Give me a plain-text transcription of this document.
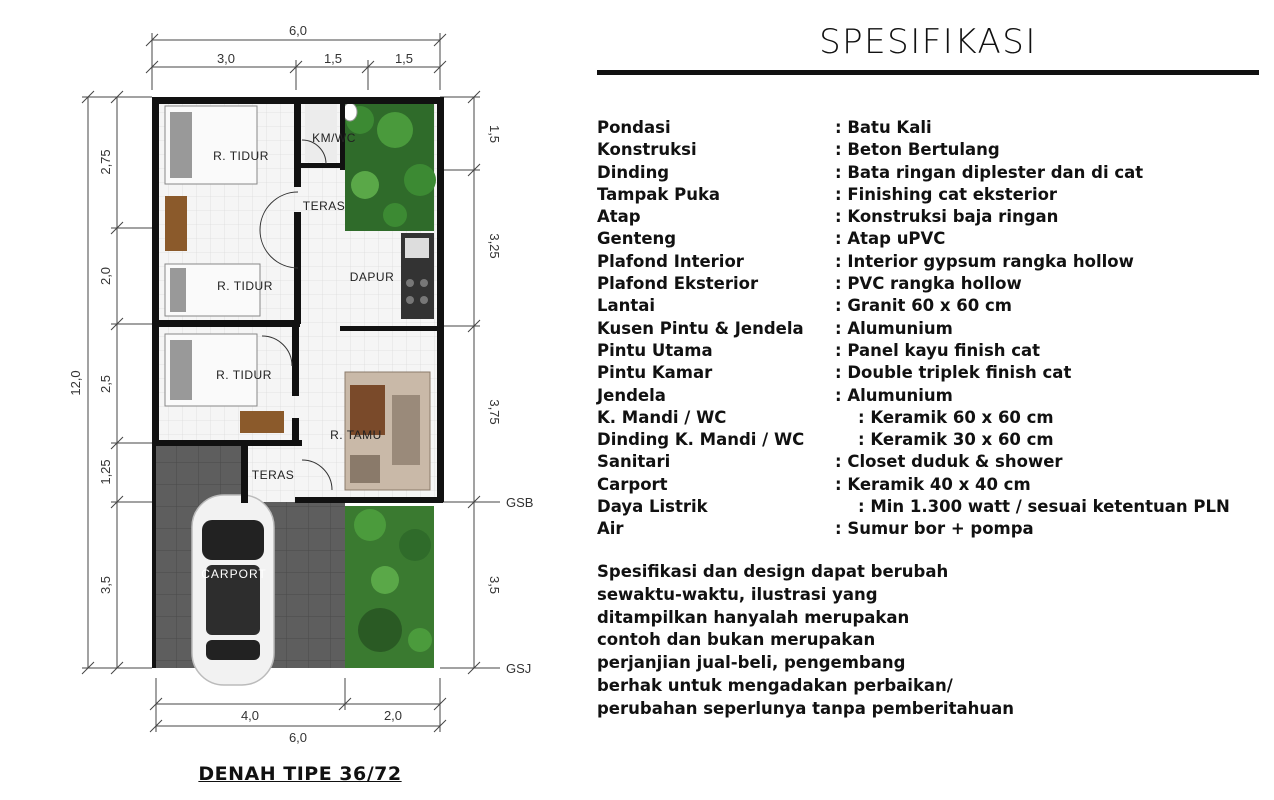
6,0
3,0	1,5	1,5
4,0	2,0
6,0
12,0
2,75
2,0
2,5
1,25
3,5
1,5
3,25
3,75
3,5
GSB
GSJ
R. TIDUR
R. TIDUR
R. TIDUR
KM/WC
TERAS
DAPUR
R. TAMU
TERAS
CARPORT
DENAH TIPE 36/72
SPESIFIKASI
Pondasi	: Batu Kali
Konstruksi	: Beton Bertulang
Dinding	: Bata ringan diplester dan di cat
Tampak Puka	: Finishing cat eksterior
Atap	: Konstruksi baja ringan
Genteng	: Atap uPVC
Plafond Interior	: Interior gypsum rangka hollow
Plafond Eksterior	: PVC rangka hollow
Lantai	: Granit 60 x 60 cm
Kusen Pintu & Jendela : Alumunium
Pintu Utama	: Panel kayu finish cat
Pintu Kamar	: Double triplek finish cat
Jendela	: Alumunium
K. Mandi / WC	: Keramik 60 x 60 cm
Dinding K. Mandi / WC    : Keramik 30 x 60 cm
Sanitari	: Closet duduk & shower
Carport	: Keramik 40 x 40 cm
Daya Listrik	: Min 1.300 watt / sesuai ketentuan PLN
Air	: Sumur bor + pompa
Spesifikasi dan design dapat berubah
sewaktu-waktu, ilustrasi yang
ditampilkan hanyalah merupakan
contoh dan bukan merupakan
perjanjian jual-beli, pengembang
berhak untuk mengadakan perbaikan/
perubahan seperlunya tanpa pemberitahuan
